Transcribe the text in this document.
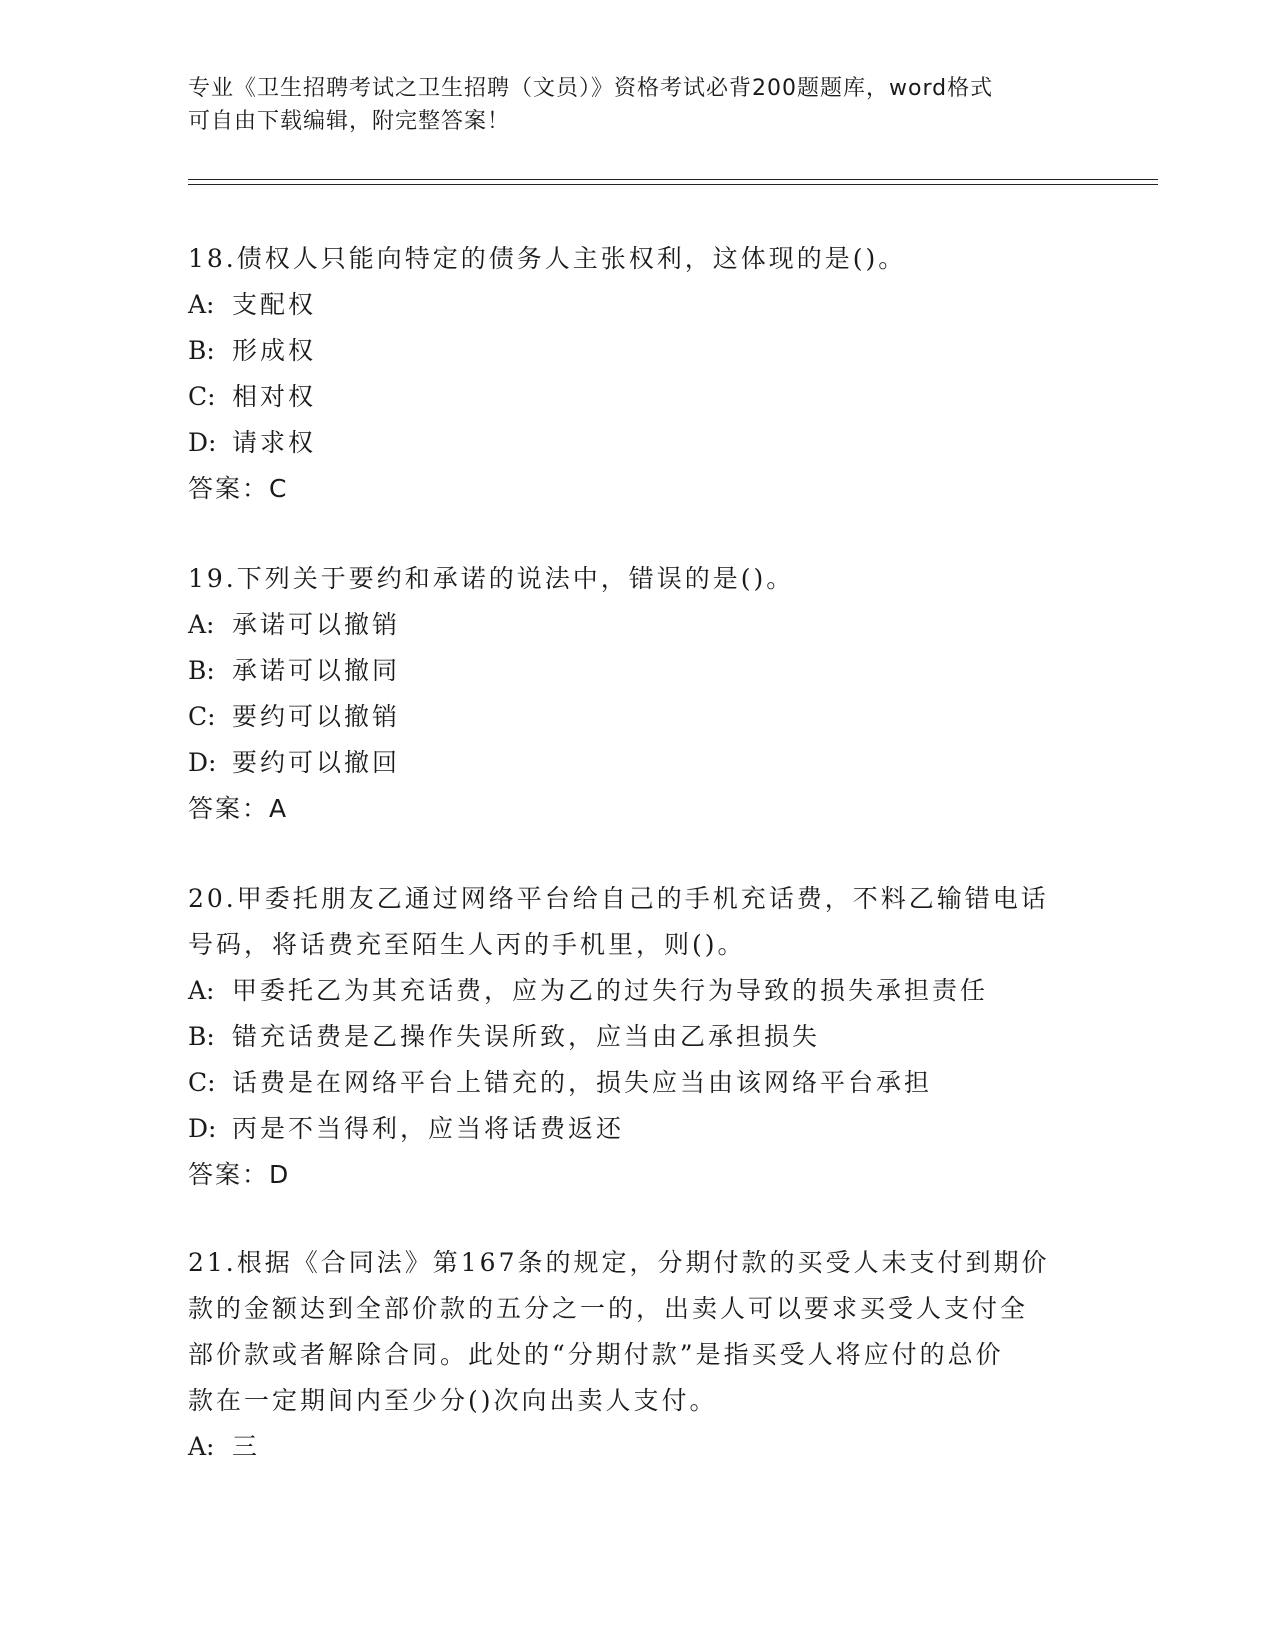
专业《卫生招聘考试之卫生招聘（文员）》资格考试必背200题题库，word格式
可自由下载编辑，附完整答案！

18.债权人只能向特定的债务人主张权利，这体现的是()。

A: 支配权

B: 形成权

C: 相对权

D: 请求权

答案： C

19.下列关于要约和承诺的说法中，错误的是()。

A: 承诺可以撤销

B: 承诺可以撤同

C: 要约可以撤销

D: 要约可以撤回

答案： A

20.甲委托朋友乙通过网络平台给自己的手机充话费，不料乙输错电话

号码，将话费充至陌生人丙的手机里，则()。

A: 甲委托乙为其充话费，应为乙的过失行为导致的损失承担责任

B: 错充话费是乙操作失误所致，应当由乙承担损失

C: 话费是在网络平台上错充的，损失应当由该网络平台承担

D: 丙是不当得利，应当将话费返还

答案： D

21.根据《合同法》第167条的规定，分期付款的买受人未支付到期价

款的金额达到全部价款的五分之一的，出卖人可以要求买受人支付全

部价款或者解除合同。此处的“分期付款”是指买受人将应付的总价

款在一定期间内至少分()次向出卖人支付。

A: 三
